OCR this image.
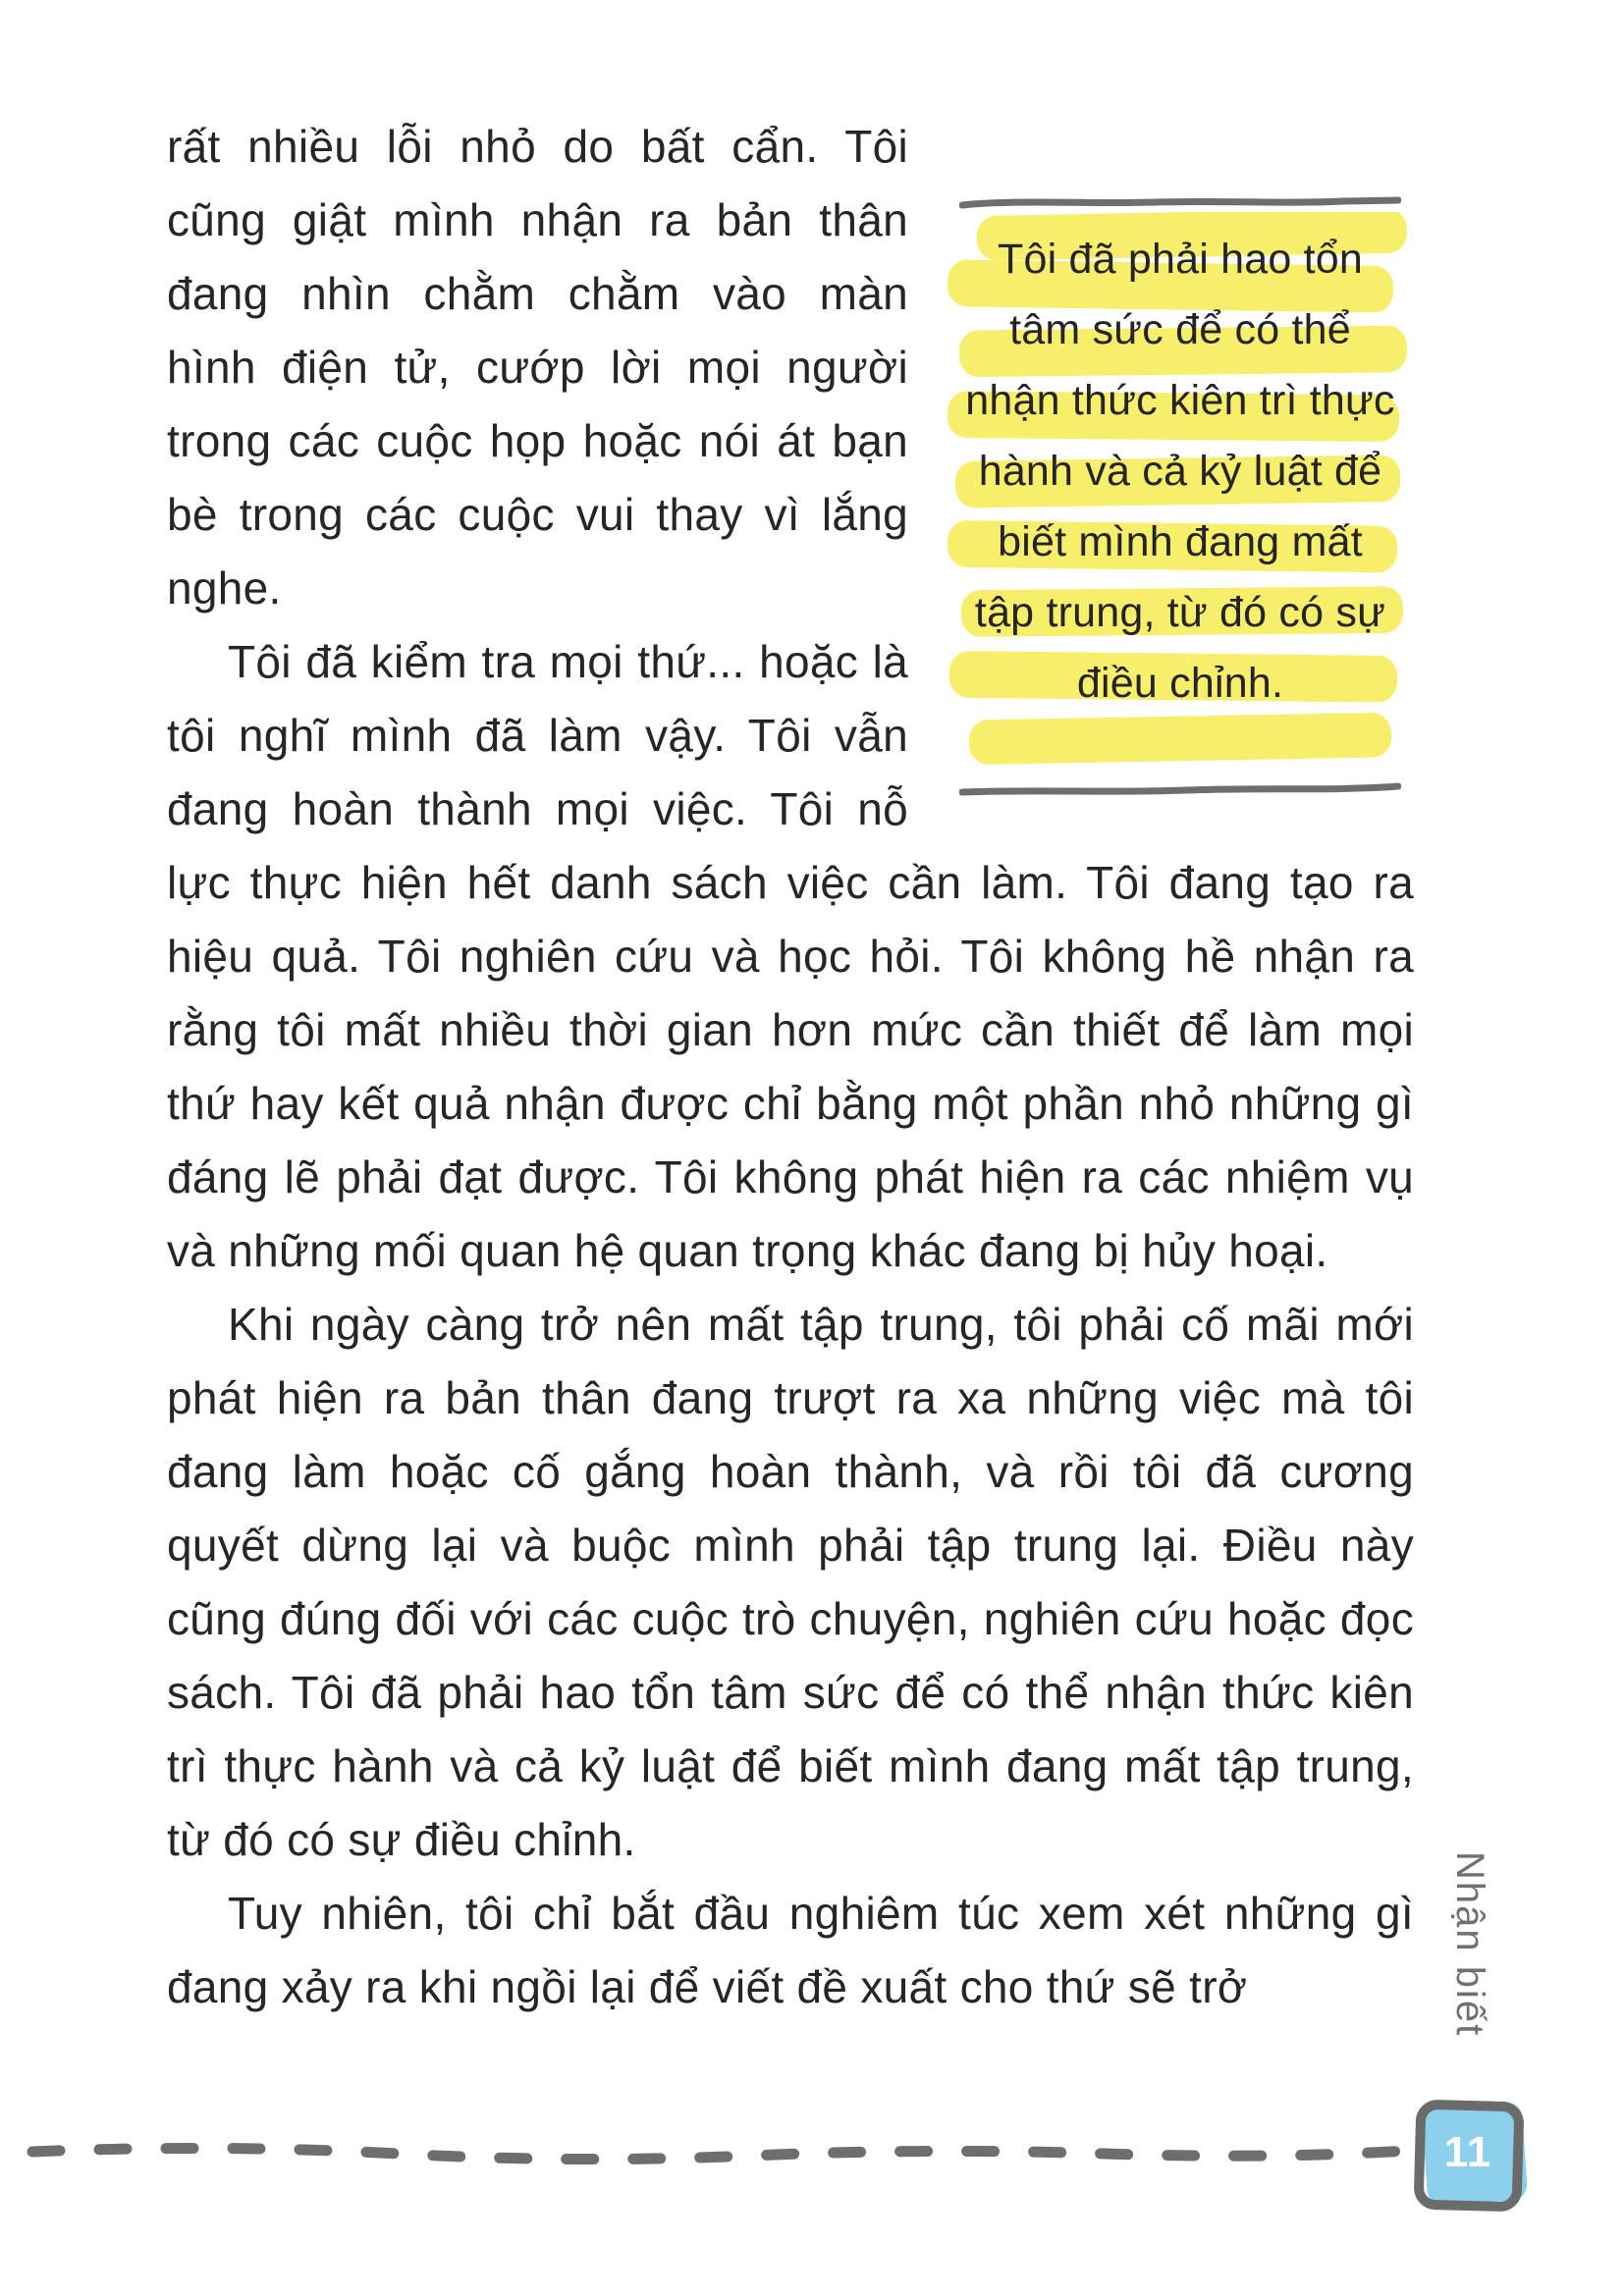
Tôi đã phải hao tổn tâm sức để có thể nhận thức kiên trì thực hành và cả kỷ luật để biết mình đang mất tập trung, từ đó có sự điều chỉnh.

rất nhiều lỗi nhỏ do bất cẩn. Tôi cũng giật mình nhận ra bản thân đang nhìn chằm chằm vào màn hình điện tử, cướp lời mọi người trong các cuộc họp hoặc nói át bạn bè trong các cuộc vui thay vì lắng nghe.

Tôi đã kiểm tra mọi thứ... hoặc là tôi nghĩ mình đã làm vậy. Tôi vẫn đang hoàn thành mọi việc. Tôi nỗ lực thực hiện hết danh sách việc cần làm. Tôi đang tạo ra hiệu quả. Tôi nghiên cứu và học hỏi. Tôi không hề nhận ra rằng tôi mất nhiều thời gian hơn mức cần thiết để làm mọi thứ hay kết quả nhận được chỉ bằng một phần nhỏ những gì đáng lẽ phải đạt được. Tôi không phát hiện ra các nhiệm vụ và những mối quan hệ quan trọng khác đang bị hủy hoại.

Khi ngày càng trở nên mất tập trung, tôi phải cố mãi mới phát hiện ra bản thân đang trượt ra xa những việc mà tôi đang làm hoặc cố gắng hoàn thành, và rồi tôi đã cương quyết dừng lại và buộc mình phải tập trung lại. Điều này cũng đúng đối với các cuộc trò chuyện, nghiên cứu hoặc đọc sách. Tôi đã phải hao tổn tâm sức để có thể nhận thức kiên trì thực hành và cả kỷ luật để biết mình đang mất tập trung, từ đó có sự điều chỉnh.

Tuy nhiên, tôi chỉ bắt đầu nghiêm túc xem xét những gì đang xảy ra khi ngồi lại để viết đề xuất cho thứ sẽ trở	Nhận biết
11
